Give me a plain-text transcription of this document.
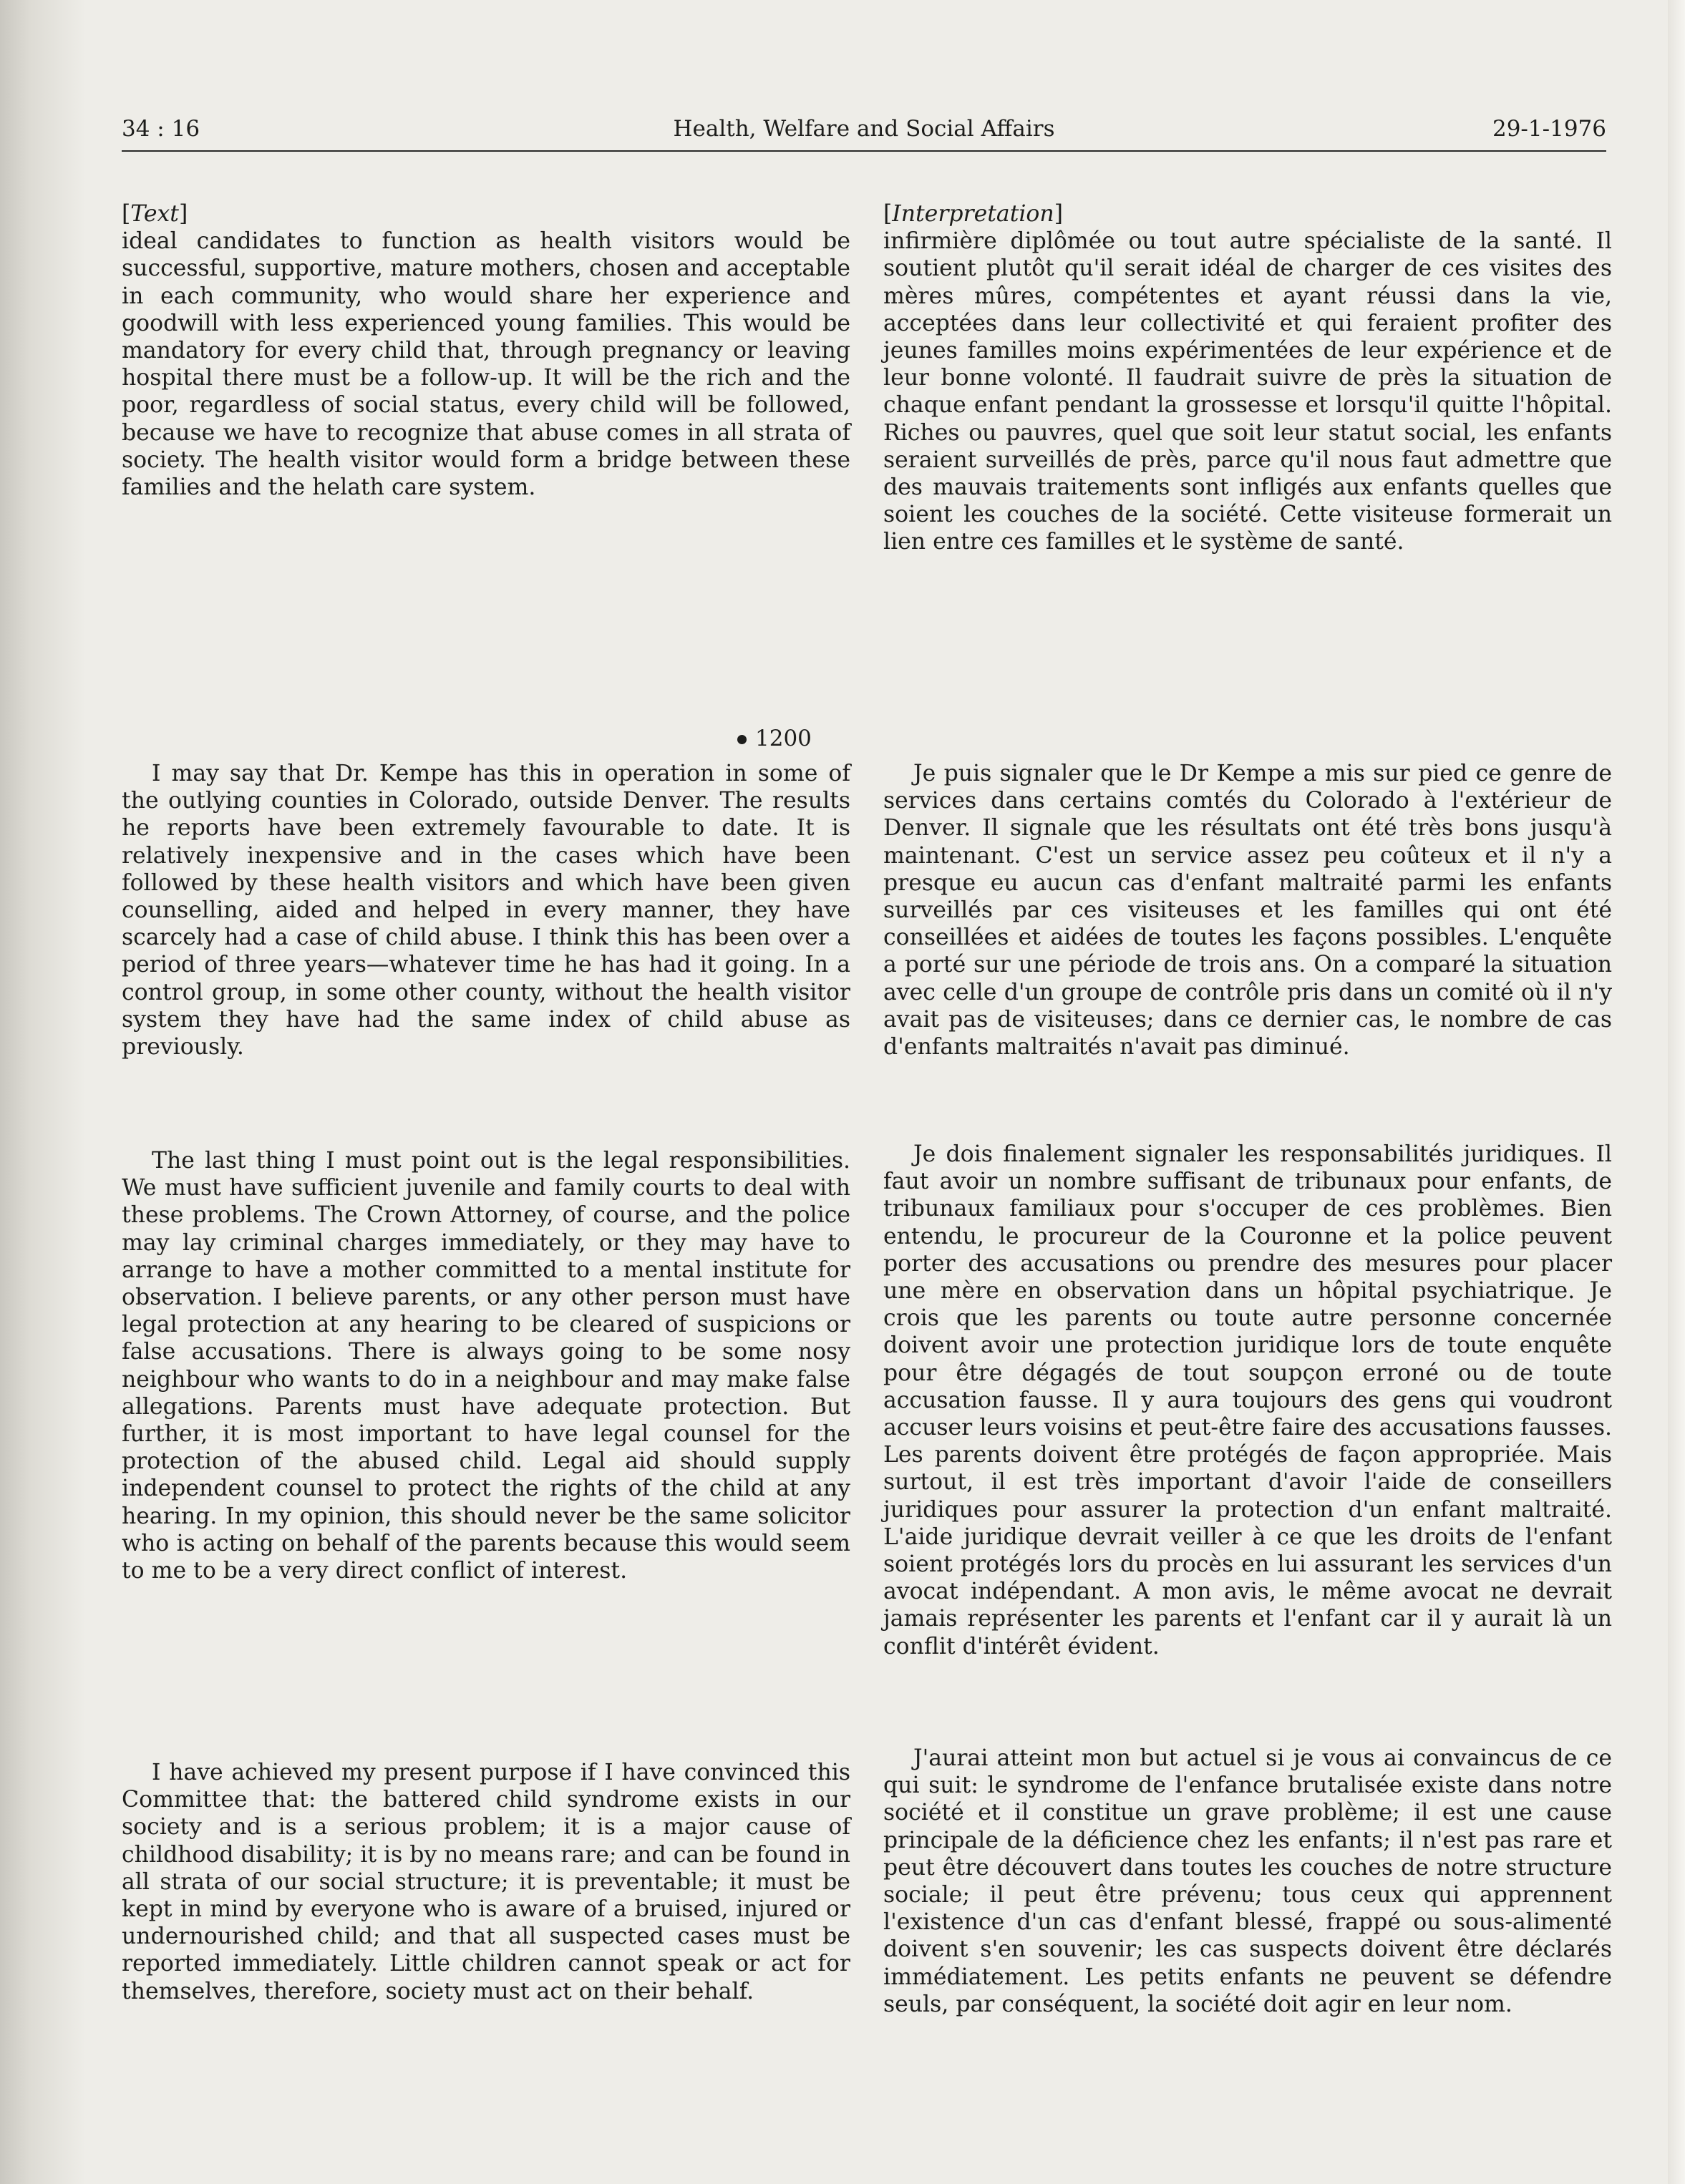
34 : 16	Health, Welfare and Social Affairs	29-1-1976

[Text]

ideal candidates to function as health visitors would be successful, supportive, mature mothers, chosen and acceptable in each community, who would share her experience and goodwill with less experienced young families. This would be mandatory for every child that, through pregnancy or leaving hospital there must be a follow-up. It will be the rich and the poor, regardless of social status, every child will be followed, because we have to recognize that abuse comes in all strata of society. The health visitor would form a bridge between these families and the helath care system.

1200

I may say that Dr. Kempe has this in operation in some of the outlying counties in Colorado, outside Denver. The results he reports have been extremely favourable to date. It is relatively inexpensive and in the cases which have been followed by these health visitors and which have been given counselling, aided and helped in every manner, they have scarcely had a case of child abuse. I think this has been over a period of three years—whatever time he has had it going. In a control group, in some other county, without the health visitor system they have had the same index of child abuse as previously.

The last thing I must point out is the legal responsibilities. We must have sufficient juvenile and family courts to deal with these problems. The Crown Attorney, of course, and the police may lay criminal charges immediately, or they may have to arrange to have a mother committed to a mental institute for observation. I believe parents, or any other person must have legal protection at any hearing to be cleared of suspicions or false accusations. There is always going to be some nosy neighbour who wants to do in a neighbour and may make false allegations. Parents must have adequate protection. But further, it is most important to have legal counsel for the protection of the abused child. Legal aid should supply independent counsel to protect the rights of the child at any hearing. In my opinion, this should never be the same solicitor who is acting on behalf of the parents because this would seem to me to be a very direct conflict of interest.

I have achieved my present purpose if I have convinced this Committee that: the battered child syndrome exists in our society and is a serious problem; it is a major cause of childhood disability; it is by no means rare; and can be found in all strata of our social structure; it is preventable; it must be kept in mind by everyone who is aware of a bruised, injured or undernourished child; and that all suspected cases must be reported immediately. Little children cannot speak or act for themselves, therefore, society must act on their behalf.

[Interpretation]

infirmière diplômée ou tout autre spécialiste de la santé. Il soutient plutôt qu'il serait idéal de charger de ces visites des mères mûres, compétentes et ayant réussi dans la vie, acceptées dans leur collectivité et qui feraient profiter des jeunes familles moins expérimentées de leur expérience et de leur bonne volonté. Il faudrait suivre de près la situation de chaque enfant pendant la grossesse et lorsqu'il quitte l'hôpital. Riches ou pauvres, quel que soit leur statut social, les enfants seraient surveillés de près, parce qu'il nous faut admettre que des mauvais traitements sont infligés aux enfants quelles que soient les couches de la société. Cette visiteuse formerait un lien entre ces familles et le système de santé.

Je puis signaler que le Dr Kempe a mis sur pied ce genre de services dans certains comtés du Colorado à l'extérieur de Denver. Il signale que les résultats ont été très bons jusqu'à maintenant. C'est un service assez peu coûteux et il n'y a presque eu aucun cas d'enfant maltraité parmi les enfants surveillés par ces visiteuses et les familles qui ont été conseillées et aidées de toutes les façons possibles. L'enquête a porté sur une période de trois ans. On a comparé la situation avec celle d'un groupe de contrôle pris dans un comité où il n'y avait pas de visiteuses; dans ce dernier cas, le nombre de cas d'enfants maltraités n'avait pas diminué.

Je dois finalement signaler les responsabilités juridiques. Il faut avoir un nombre suffisant de tribunaux pour enfants, de tribunaux familiaux pour s'occuper de ces problèmes. Bien entendu, le procureur de la Couronne et la police peuvent porter des accusations ou prendre des mesures pour placer une mère en observation dans un hôpital psychiatrique. Je crois que les parents ou toute autre personne concernée doivent avoir une protection juridique lors de toute enquête pour être dégagés de tout soupçon erroné ou de toute accusation fausse. Il y aura toujours des gens qui voudront accuser leurs voisins et peut-être faire des accusations fausses. Les parents doivent être protégés de façon appropriée. Mais surtout, il est très important d'avoir l'aide de conseillers juridiques pour assurer la protection d'un enfant maltraité. L'aide juridique devrait veiller à ce que les droits de l'enfant soient protégés lors du procès en lui assurant les services d'un avocat indépendant. A mon avis, le même avocat ne devrait jamais représenter les parents et l'enfant car il y aurait là un conflit d'intérêt évident.

J'aurai atteint mon but actuel si je vous ai convaincus de ce qui suit: le syndrome de l'enfance brutalisée existe dans notre société et il constitue un grave problème; il est une cause principale de la déficience chez les enfants; il n'est pas rare et peut être découvert dans toutes les couches de notre structure sociale; il peut être prévenu; tous ceux qui apprennent l'existence d'un cas d'enfant blessé, frappé ou sous-alimenté doivent s'en souvenir; les cas suspects doivent être déclarés immédiatement. Les petits enfants ne peuvent se défendre seuls, par conséquent, la société doit agir en leur nom.
